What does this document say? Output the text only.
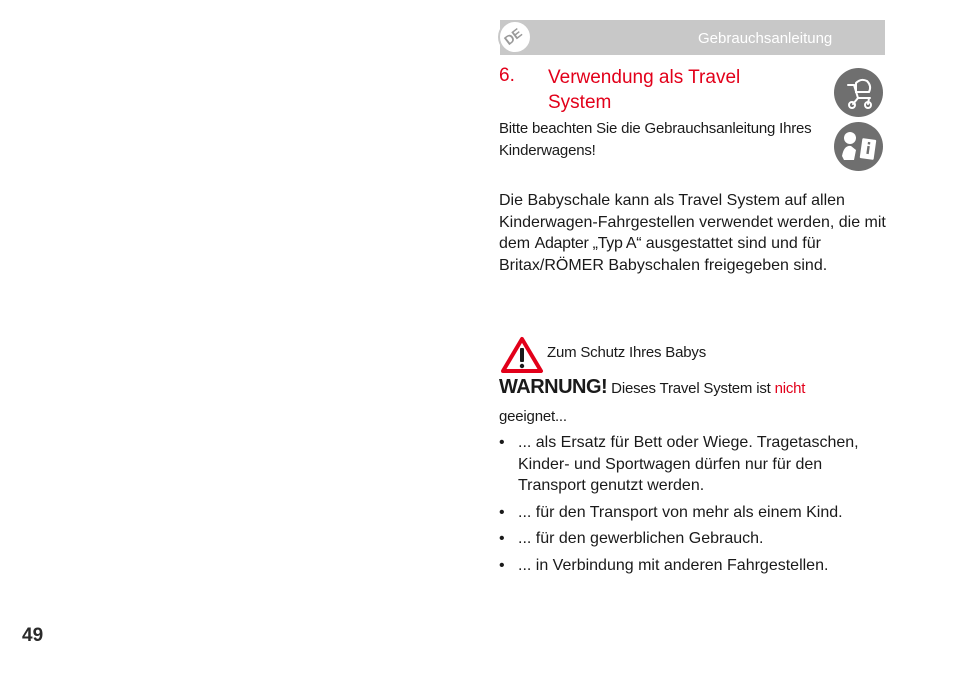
DE	Gebrauchsanleitung
6. Verwendung als Travel System
Bitte beachten Sie die Gebrauchsanleitung Ihres Kinderwagens!
Die Babyschale kann als Travel System auf allen Kinderwagen-Fahrgestellen verwendet werden, die mit dem Adapter „Typ A“ ausgestattet sind und für Britax/RÖMER Babyschalen freigegeben sind.
Zum Schutz Ihres Babys
WARNUNG! Dieses Travel System ist nicht
geeignet...
• ... als Ersatz für Bett oder Wiege. Tragetaschen, Kinder- und Sportwagen dürfen nur für den Transport genutzt werden.
• ... für den Transport von mehr als einem Kind.
• ... für den gewerblichen Gebrauch.
• ... in Verbindung mit anderen Fahrgestellen.
49
